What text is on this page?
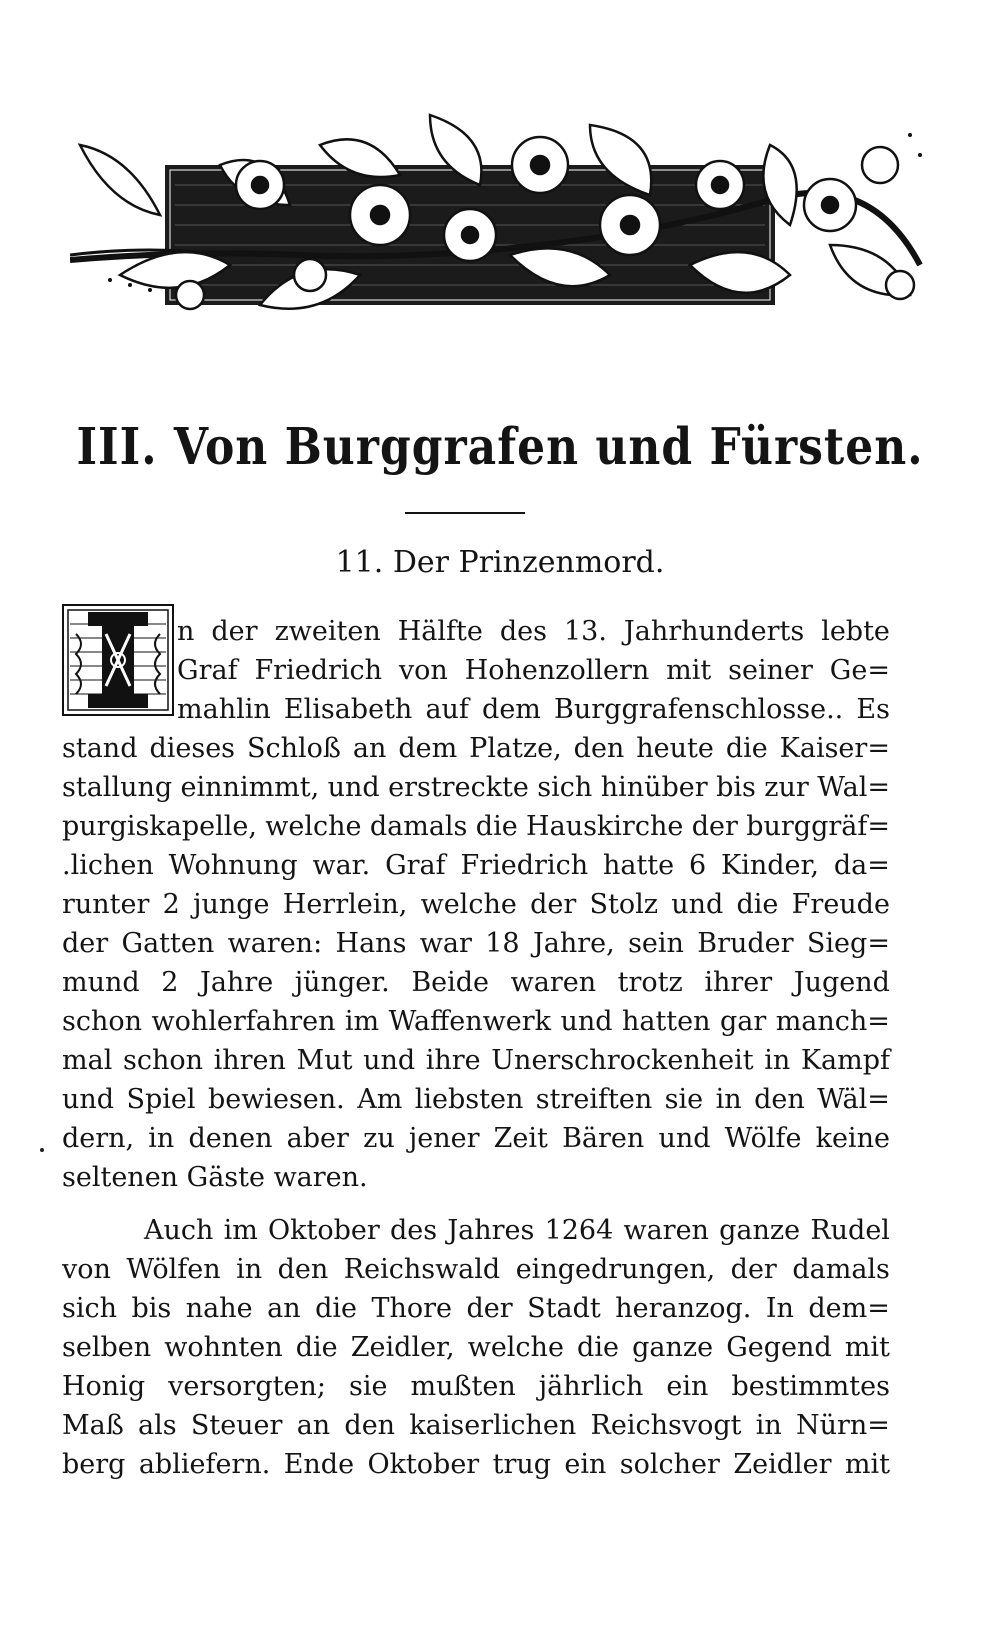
III. Von Burggrafen und Fürsten.
11. Der Prinzenmord.
n der zweiten Hälfte des 13. Jahrhunderts lebte
Graf Friedrich von Hohenzollern mit seiner Ge=
mahlin Elisabeth auf dem Burggrafenschlosse.. Es
stand dieses Schloß an dem Platze, den heute die Kaiser=
stallung einnimmt, und erstreckte sich hinüber bis zur Wal=
purgiskapelle, welche damals die Hauskirche der burggräf=
.lichen Wohnung war. Graf Friedrich hatte 6 Kinder, da=
runter 2 junge Herrlein, welche der Stolz und die Freude
der Gatten waren: Hans war 18 Jahre, sein Bruder Sieg=
mund 2 Jahre jünger. Beide waren trotz ihrer Jugend
schon wohlerfahren im Waffenwerk und hatten gar manch=
mal schon ihren Mut und ihre Unerschrockenheit in Kampf
und Spiel bewiesen. Am liebsten streiften sie in den Wäl=
dern, in denen aber zu jener Zeit Bären und Wölfe keine
seltenen Gäste waren.
Auch im Oktober des Jahres 1264 waren ganze Rudel
von Wölfen in den Reichswald eingedrungen, der damals
sich bis nahe an die Thore der Stadt heranzog. In dem=
selben wohnten die Zeidler, welche die ganze Gegend mit
Honig versorgten; sie mußten jährlich ein bestimmtes
Maß als Steuer an den kaiserlichen Reichsvogt in Nürn=
berg abliefern. Ende Oktober trug ein solcher Zeidler mit
